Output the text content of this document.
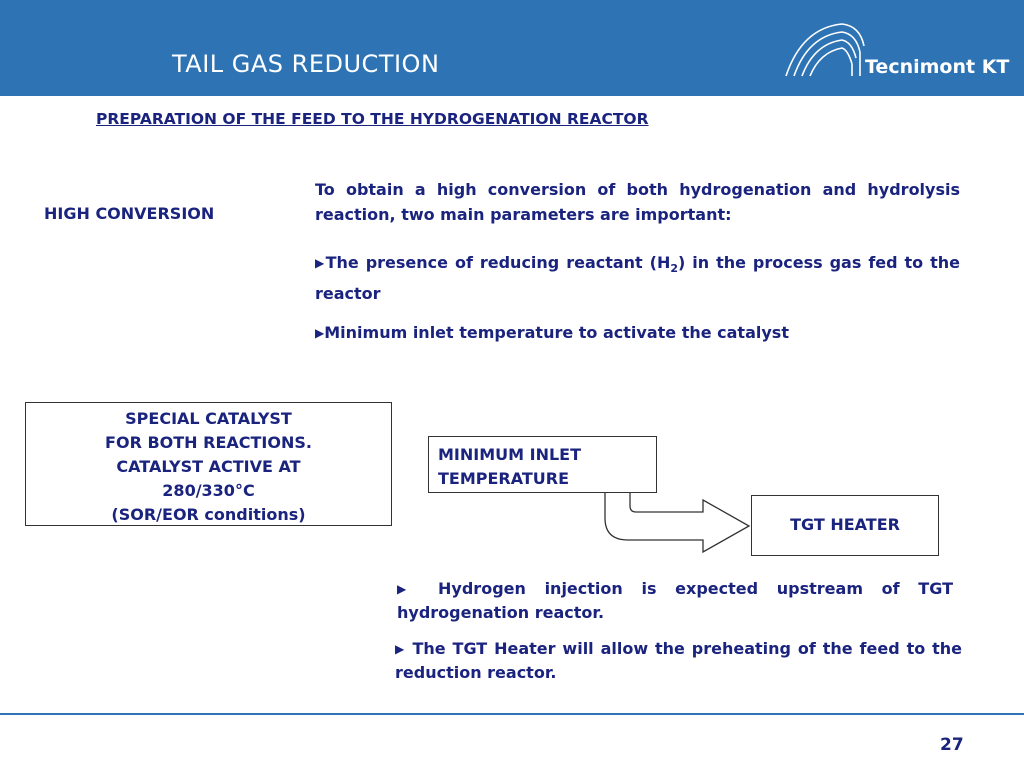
TAIL GAS REDUCTION	Tecnimont KT
PREPARATION OF THE FEED TO THE HYDROGENATION REACTOR
HIGH CONVERSION
To obtain a high conversion of both hydrogenation and hydrolysis reaction, two main parameters are important:
▶The presence of reducing reactant $(H_2)$ in the process gas fed to the reactor
▶Minimum inlet temperature to activate the catalyst
SPECIAL CATALYST
FOR BOTH REACTIONS.
CATALYST ACTIVE AT
280/330°C
(SOR/EOR conditions)
MINIMUM INLET
TEMPERATURE
TGT HEATER
▶ Hydrogen injection is expected upstream of TGT hydrogenation reactor.
▶ The TGT Heater will allow the preheating of the feed to the reduction reactor.
27
